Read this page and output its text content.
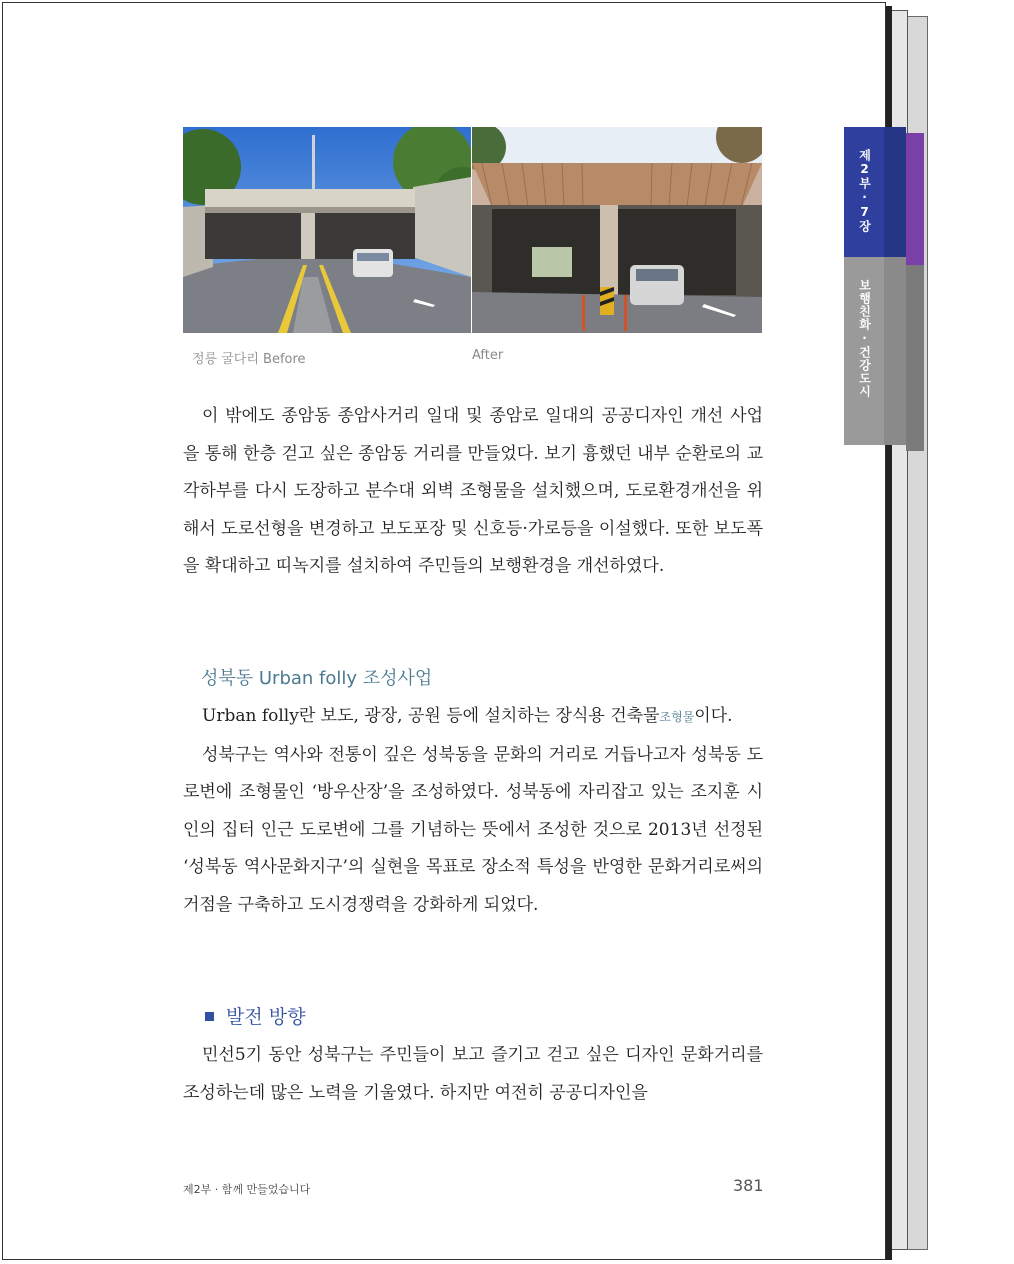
제2부·7장
보행친화·건강도시
정릉 굴다리 Before	After

이 밖에도 종암동 종암사거리 일대 및 종암로 일대의 공공디자인 개선 사업을 통해 한층 걷고 싶은 종암동 거리를 만들었다. 보기 흉했던 내부 순환로의 교각하부를 다시 도장하고 분수대 외벽 조형물을 설치했으며, 도로환경개선을 위해서 도로선형을 변경하고 보도포장 및 신호등·가로등을 이설했다. 또한 보도폭을 확대하고 띠녹지를 설치하여 주민들의 보행환경을 개선하였다.

성북동 Urban folly 조성사업

Urban folly란 보도, 광장, 공원 등에 설치하는 장식용 건축물조형물이다.

성북구는 역사와 전통이 깊은 성북동을 문화의 거리로 거듭나고자 성북동 도로변에 조형물인 ‘방우산장’을 조성하였다. 성북동에 자리잡고 있는 조지훈 시인의 집터 인근 도로변에 그를 기념하는 뜻에서 조성한 것으로 2013년 선정된 ‘성북동 역사문화지구’의 실현을 목표로 장소적 특성을 반영한 문화거리로써의 거점을 구축하고 도시경쟁력을 강화하게 되었다.

발전 방향

민선5기 동안 성북구는 주민들이 보고 즐기고 걷고 싶은 디자인 문화거리를 조성하는데 많은 노력을 기울였다. 하지만 여전히 공공디자인을

제2부 · 함께 만들었습니다	381
